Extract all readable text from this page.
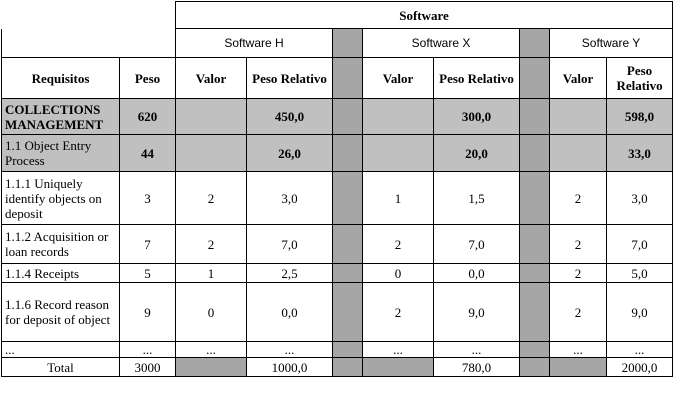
		Software							
		Software H			Software X			Software Y	
Requisitos	Peso	Valor	Peso Relativo		Valor	Peso Relativo		Valor	Peso Relativo
COLLECTIONS MANAGEMENT	620		450,0			300,0			598,0
1.1 Object Entry Process	44		26,0			20,0			33,0
1.1.1 Uniquely identify objects on deposit	3	2	3,0		1	1,5		2	3,0
1.1.2 Acquisition or loan records	7	2	7,0		2	7,0		2	7,0
1.1.4 Receipts	5	1	2,5		0	0,0		2	5,0
1.1.6 Record reason for deposit of object	9	0	0,0		2	9,0		2	9,0
...	...	...	...		...	...		...	...
Total	3000		1000,0			780,0			2000,0
